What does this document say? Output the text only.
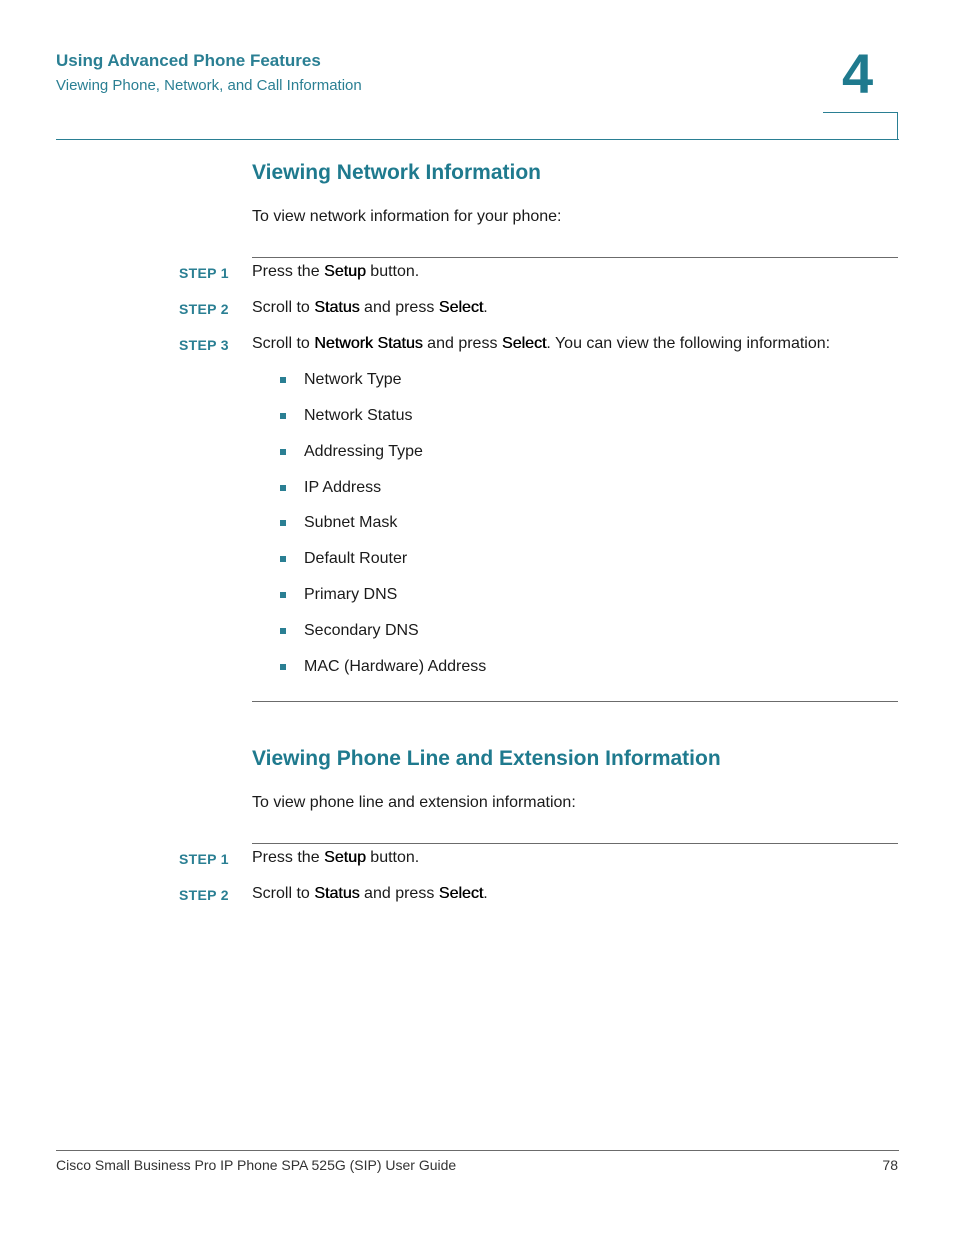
Using Advanced Phone Features
Viewing Phone, Network, and Call Information	4
Viewing Network Information
To view network information for your phone:
STEP 1 Press the Setup button.
STEP 2 Scroll to Status and press Select.
STEP 3 Scroll to Network Status and press Select. You can view the following information:
Network Type
Network Status
Addressing Type
IP Address
Subnet Mask
Default Router
Primary DNS
Secondary DNS
MAC (Hardware) Address
Viewing Phone Line and Extension Information
To view phone line and extension information:
STEP 1 Press the Setup button.
STEP 2 Scroll to Status and press Select.
Cisco Small Business Pro IP Phone SPA 525G (SIP) User Guide	78
